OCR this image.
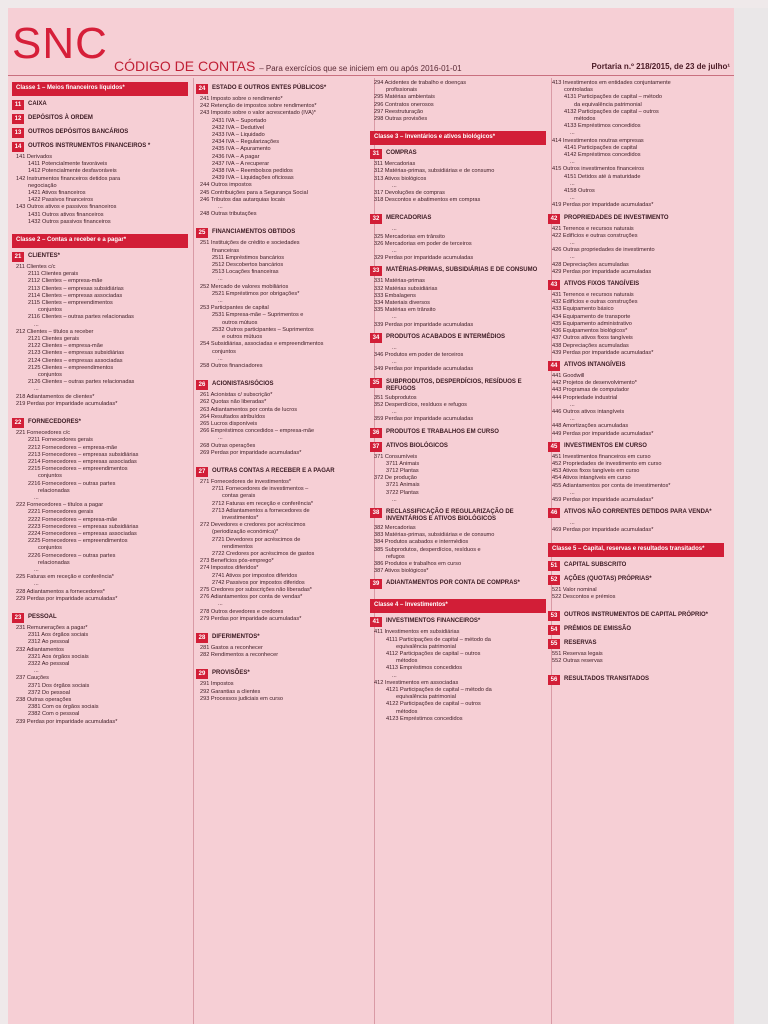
SNC CÓDIGO DE CONTAS – Para exercícios que se iniciem em ou após 2016-01-01	Portaria n.º 218/2015, de 23 de julho¹
Classe 1 – Meios financeiros líquidos*
11	CAIXA
12	DEPÓSITOS À ORDEM
13	OUTROS DEPÓSITOS BANCÁRIOS
14	OUTROS INSTRUMENTOS FINANCEIROS *
141 Derivados
1411 Potencialmente favoráveis
1412 Potencialmente desfavoráveis
142 Instrumentos financeiros detidos para
negociação
1421 Ativos financeiros
1422 Passivos financeiros
143 Outros ativos e passivos financeiros
1431 Outros ativos financeiros
1432 Outros passivos financeiros
Classe 2 – Contas a receber e a pagar*
21	CLIENTES*
211 Clientes c/c
2111 Clientes gerais
2112 Clientes – empresa-mãe
2113 Clientes – empresas subsidiárias
2114 Clientes – empresas associadas
2115 Clientes – empreendimentos
conjuntos
2116 Clientes – outras partes relacionadas
...
212 Clientes – títulos a receber
2121 Clientes gerais
2122 Clientes – empresa-mãe
2123 Clientes – empresas subsidiárias
2124 Clientes – empresas associadas
2125 Clientes – empreendimentos
conjuntos
2126 Clientes – outras partes relacionadas
...
218 Adiantamentos de clientes*
219 Perdas por imparidade acumuladas*
22	FORNECEDORES*
221 Fornecedores c/c
2211 Fornecedores gerais
2212 Fornecedores – empresa-mãe
2213 Fornecedores – empresas subsidiárias
2214 Fornecedores – empresas associadas
2215 Fornecedores – empreendimentos
conjuntos
2216 Fornecedores – outras partes
relacionadas
...
222 Fornecedores – títulos a pagar
2221 Fornecedores gerais
2222 Fornecedores – empresa-mãe
2223 Fornecedores – empresas subsidiárias
2224 Fornecedores – empresas associadas
2225 Fornecedores – empreendimentos
conjuntos
2226 Fornecedores – outras partes
relacionadas
...
225 Faturas em receção e conferência*
...
228 Adiantamentos a fornecedores*
229 Perdas por imparidade acumuladas*
23	PESSOAL
231 Remunerações a pagar*
2311 Aos órgãos sociais
2312 Ao pessoal
232 Adiantamentos
2321 Aos órgãos sociais
2322 Ao pessoal
...
237 Cauções
2371 Dos órgãos sociais
2372 Do pessoal
238 Outras operações
2381 Com os órgãos sociais
2382 Com o pessoal
239 Perdas por imparidade acumuladas*
24	ESTADO E OUTROS ENTES PÚBLICOS*
241 Imposto sobre o rendimento*
242 Retenção de impostos sobre rendimentos*
243 Imposto sobre o valor acrescentado (IVA)*
2431 IVA – Suportado
2432 IVA – Dedutível
2433 IVA – Liquidado
2434 IVA – Regularizações
2435 IVA – Apuramento
2436 IVA – A pagar
2437 IVA – A recuperar
2438 IVA – Reembolsos pedidos
2439 IVA – Liquidações oficiosas
244 Outros impostos
245 Contribuições para a Segurança Social
246 Tributos das autarquias locais
...
248 Outras tributações
25	FINANCIAMENTOS OBTIDOS
251 Instituições de crédito e sociedades
financeiras
2511 Empréstimos bancários
2512 Descobertos bancários
2513 Locações financeiras
...
252 Mercado de valores mobiliários
2521 Empréstimos por obrigações*
...
253 Participantes de capital
2531 Empresa-mãe – Suprimentos e
outros mútuos
2532 Outros participantes – Suprimentos
e outros mútuos
254 Subsidiárias, associadas e empreendimentos
conjuntos
...
258 Outros financiadores
26	ACIONISTAS/SÓCIOS
261 Acionistas c/ subscrição*
262 Quotas não liberadas*
263 Adiantamentos por conta de lucros
264 Resultados atribuídos
265 Lucros disponíveis
266 Empréstimos concedidos – empresa-mãe
...
268 Outras operações
269 Perdas por imparidade acumuladas*
27	OUTRAS CONTAS A RECEBER E A PAGAR
271 Fornecedores de investimentos*
2711 Fornecedores de investimentos –
contas gerais
2712 Faturas em receção e conferência*
2713 Adiantamentos a fornecedores de
investimentos*
272 Devedores e credores por acréscimos
(periodização económica)*
2721 Devedores por acréscimos de
rendimentos
2722 Credores por acréscimos de gastos
273 Benefícios pós-emprego*
274 Impostos diferidos*
2741 Ativos por impostos diferidos
2742 Passivos por impostos diferidos
275 Credores por subscrições não liberadas*
276 Adiantamentos por conta de vendas*
...
278 Outros devedores e credores
279 Perdas por imparidade acumuladas*
28	DIFERIMENTOS*
281 Gastos a reconhecer
282 Rendimentos a reconhecer
29	PROVISÕES*
291 Impostos
292 Garantias a clientes
293 Processos judiciais em curso
294 Acidentes de trabalho e doenças
profissionais
295 Matérias ambientais
296 Contratos onerosos
297 Reestruturação
298 Outras provisões
Classe 3 – Inventários e ativos biológicos*
31	COMPRAS
311 Mercadorias
312 Matérias-primas, subsidiárias e de consumo
313 Ativos biológicos
...
317 Devoluções de compras
318 Descontos e abatimentos em compras
32	MERCADORIAS
...
325 Mercadorias em trânsito
326 Mercadorias em poder de terceiros
...
329 Perdas por imparidade acumuladas
33	MATÉRIAS-PRIMAS, SUBSIDIÁRIAS E DE CONSUMO
331 Matérias-primas
332 Matérias subsidiárias
333 Embalagens
334 Materiais diversos
335 Matérias em trânsito
...
339 Perdas por imparidade acumuladas
34	PRODUTOS ACABADOS E INTERMÉDIOS
...
346 Produtos em poder de terceiros
...
349 Perdas por imparidade acumuladas
35	SUBPRODUTOS, DESPERDÍCIOS, RESÍDUOS E REFUGOS
351 Subprodutos
352 Desperdícios, resíduos e refugos
...
359 Perdas por imparidade acumuladas
36	PRODUTOS E TRABALHOS EM CURSO
37	ATIVOS BIOLÓGICOS
371 Consumíveis
3711 Animais
3712 Plantas
372 De produção
3721 Animais
3722 Plantas
...
38	RECLASSIFICAÇÃO E REGULARIZAÇÃO DE INVENTÁRIOS E ATIVOS BIOLÓGICOS
382 Mercadorias
383 Matérias-primas, subsidiárias e de consumo
384 Produtos acabados e intermédios
385 Subprodutos, desperdícios, resíduos e
refugos
386 Produtos e trabalhos em curso
387 Ativos biológicos*
39	ADIANTAMENTOS POR CONTA DE COMPRAS*
Classe 4 – Investimentos*
41	INVESTIMENTOS FINANCEIROS*
411 Investimentos em subsidiárias
4111 Participações de capital – método da
equivalência patrimonial
4112 Participações de capital – outros
métodos
4113 Empréstimos concedidos
...
412 Investimentos em associadas
4121 Participações de capital – método da
equivalência patrimonial
4122 Participações de capital – outros
métodos
4123 Empréstimos concedidos
413 Investimentos em entidades conjuntamente
controladas
4131 Participações de capital – método
da equivalência patrimonial
4132 Participações de capital – outros
métodos
4133 Empréstimos concedidos
...
414 Investimentos noutras empresas
4141 Participações de capital
4142 Empréstimos concedidos
...
415 Outros investimentos financeiros
4151 Detidos até à maturidade
...
4158 Outros
...
419 Perdas por imparidade acumuladas*
42	PROPRIEDADES DE INVESTIMENTO
421 Terrenos e recursos naturais
422 Edifícios e outras construções
...
426 Outras propriedades de investimento
...
428 Depreciações acumuladas
429 Perdas por imparidade acumuladas
43	ATIVOS FIXOS TANGÍVEIS
431 Terrenos e recursos naturais
432 Edifícios e outras construções
433 Equipamento básico
434 Equipamento de transporte
435 Equipamento administrativo
436 Equipamentos biológicos*
437 Outros ativos fixos tangíveis
438 Depreciações acumuladas
439 Perdas por imparidade acumuladas*
44	ATIVOS INTANGÍVEIS
441 Goodwill
442 Projetos de desenvolvimento*
443 Programas de computador
444 Propriedade industrial
...
446 Outros ativos intangíveis
...
448 Amortizações acumuladas
449 Perdas por imparidade acumuladas*
45	INVESTIMENTOS EM CURSO
451 Investimentos financeiros em curso
452 Propriedades de investimento em curso
453 Ativos fixos tangíveis em curso
454 Ativos intangíveis em curso
455 Adiantamentos por conta de investimentos*
...
459 Perdas por imparidade acumuladas*
46	ATIVOS NÃO CORRENTES DETIDOS PARA VENDA*
...
469 Perdas por imparidade acumuladas*
Classe 5 – Capital, reservas e resultados transitados*
51	CAPITAL SUBSCRITO
52	AÇÕES (QUOTAS) PRÓPRIAS*
521 Valor nominal
522 Descontos e prémios
53	OUTROS INSTRUMENTOS DE CAPITAL PRÓPRIO*
54	PRÉMIOS DE EMISSÃO
55	RESERVAS
551 Reservas legais
552 Outras reservas
56	RESULTADOS TRANSITADOS
